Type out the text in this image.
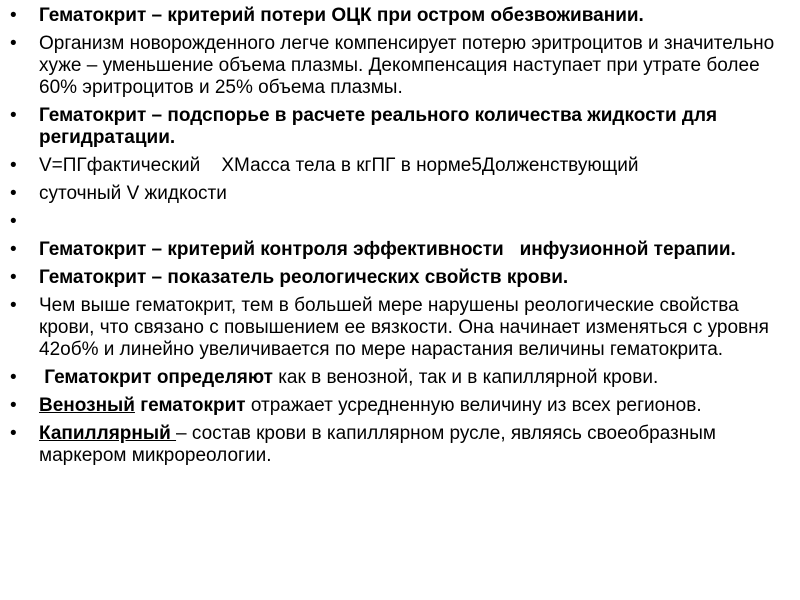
•	Гематокрит – критерий потери ОЦК при остром обезвоживании.
•	Организм новорожденного легче компенсирует потерю эритроцитов и значительно хуже – уменьшение объема плазмы. Декомпенсация наступает при утрате более 60% эритроцитов и 25% объема плазмы.
•	Гематокрит – подспорье в расчете реального количества жидкости для регидратации.
•	V=ПГфактический    XМасса тела в кгПГ в норме5Долженствующий
•	суточный V жидкости
•
•	Гематокрит – критерий контроля эффективности   инфузионной терапии.
•	Гематокрит – показатель реологических свойств крови.
•	Чем выше гематокрит, тем в большей мере нарушены реологические свойства крови, что связано с повышением ее вязкости. Она начинает изменяться с уровня 42об% и линейно увеличивается по мере нарастания величины гематокрита.
•	Гематокрит определяют как в венозной, так и в капиллярной крови.
•	Венозный гематокрит отражает усредненную величину из всех регионов.
•	Капиллярный – состав крови в капиллярном русле, являясь своеобразным маркером микрореологии.
